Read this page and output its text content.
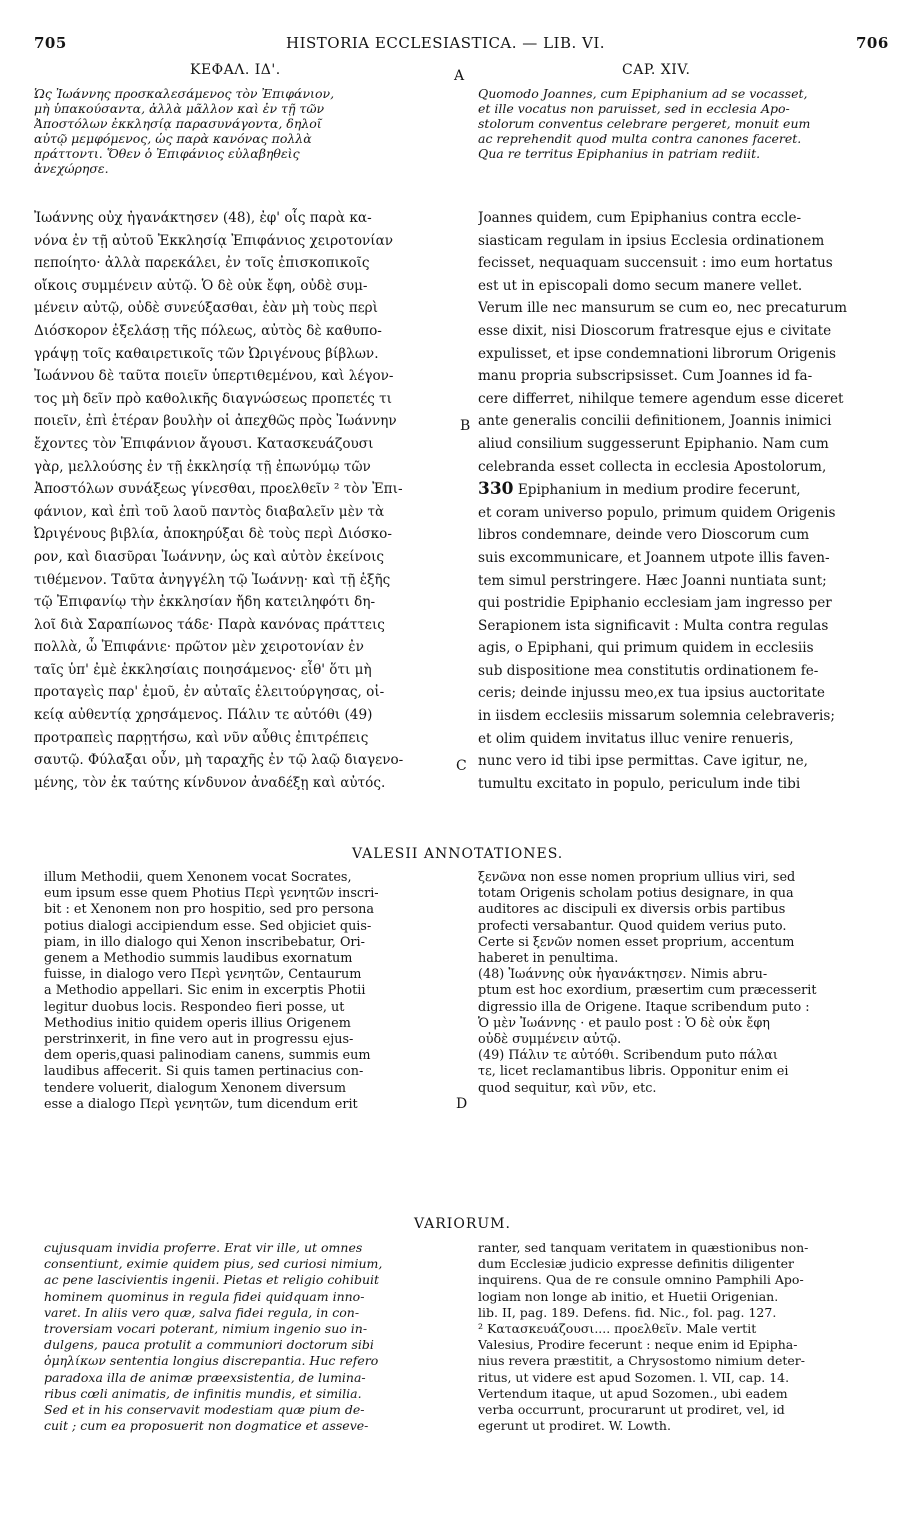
705	HISTORIA ECCLESIASTICA. — LIB. VI.	706
ΚΕΦΑΛ. ΙΔ'.	A	CAP. XIV.
Ὡς Ἰωάννης προσκαλεσάμενος τὸν Ἐπιφάνιον,
μὴ ὑπακούσαντα, ἀλλὰ μᾶλλον καὶ ἐν τῇ τῶν
Ἀποστόλων ἐκκλησίᾳ παρασυνάγοντα, δηλοῖ
αὐτῷ μεμφόμενος, ὡς παρὰ κανόνας πολλὰ
πράττοντι. Ὅθεν ὁ Ἐπιφάνιος εὐλαβηθεὶς
ἀνεχώρησε.
Quomodo Joannes, cum Epiphanium ad se vocasset,
et ille vocatus non paruisset, sed in ecclesia Apo-
stolorum conventus celebrare pergeret, monuit eum
ac reprehendit quod multa contra canones faceret.
Qua re territus Epiphanius in patriam rediit.
Ἰωάννης οὐχ ἠγανάκτησεν (48), ἐφ' οἷς παρὰ κα-
νόνα ἐν τῇ αὐτοῦ Ἐκκλησίᾳ Ἐπιφάνιος χειροτονίαν
πεποίητο· ἀλλὰ παρεκάλει, ἐν τοῖς ἐπισκοπικοῖς
οἴκοις συμμένειν αὐτῷ. Ὁ δὲ οὐκ ἔφη, οὐδὲ συμ-
μένειν αὐτῷ, οὐδὲ συνεύξασθαι, ἐὰν μὴ τοὺς περὶ
Διόσκορον ἐξελάσῃ τῆς πόλεως, αὐτὸς δὲ καθυπο-
γράψῃ τοῖς καθαιρετικοῖς τῶν Ὠριγένους βίβλων.
Ἰωάννου δὲ ταῦτα ποιεῖν ὑπερτιθεμένου, καὶ λέγον-
τος μὴ δεῖν πρὸ καθολικῆς διαγνώσεως προπετές τι
ποιεῖν, ἐπὶ ἑτέραν βουλὴν οἱ ἀπεχθῶς πρὸς Ἰωάννην
ἔχοντες τὸν Ἐπιφάνιον ἄγουσι. Κατασκευάζουσι
γὰρ, μελλούσης ἐν τῇ ἐκκλησίᾳ τῇ ἐπωνύμῳ τῶν
Ἀποστόλων συνάξεως γίνεσθαι, προελθεῖν ² τὸν Ἐπι-
φάνιον, καὶ ἐπὶ τοῦ λαοῦ παντὸς διαβαλεῖν μὲν τὰ
Ὠριγένους βιβλία, ἀποκηρύξαι δὲ τοὺς περὶ Διόσκο-
ρον, καὶ διασῦραι Ἰωάννην, ὡς καὶ αὐτὸν ἐκείνοις
τιθέμενον. Ταῦτα ἀνηγγέλη τῷ Ἰωάννῃ· καὶ τῇ ἑξῆς
τῷ Ἐπιφανίῳ τὴν ἐκκλησίαν ἤδη κατειληφότι δη-
λοῖ διὰ Σαραπίωνος τάδε· Παρὰ κανόνας πράττεις
πολλὰ, ὦ Ἐπιφάνιε· πρῶτον μὲν χειροτονίαν ἐν
ταῖς ὑπ' ἐμὲ ἐκκλησίαις ποιησάμενος· εἶθ' ὅτι μὴ
προταγεὶς παρ' ἐμοῦ, ἐν αὐταῖς ἐλειτούργησας, οἰ-
κείᾳ αὐθεντίᾳ χρησάμενος. Πάλιν τε αὐτόθι (49)
προτραπεὶς παρῃτήσω, καὶ νῦν αὖθις ἐπιτρέπεις
σαυτῷ. Φύλαξαι οὖν, μὴ ταραχῆς ἐν τῷ λαῷ διαγενο-
μένης, τὸν ἐκ ταύτης κίνδυνον ἀναδέξῃ καὶ αὐτός.
Joannes quidem, cum Epiphanius contra eccle-
siasticam regulam in ipsius Ecclesia ordinationem
fecisset, nequaquam succensuit : imo eum hortatus
est ut in episcopali domo secum manere vellet.
Verum ille nec mansurum se cum eo, nec precaturum
esse dixit, nisi Dioscorum fratresque ejus e civitate
expulisset, et ipse condemnationi librorum Origenis
manu propria subscripsisset. Cum Joannes id fa-
cere differret, nihilque temere agendum esse diceret
ante generalis concilii definitionem, Joannis inimici
aliud consilium suggesserunt Epiphanio. Nam cum
celebranda esset collecta in ecclesia Apostolorum,
330 Epiphanium in medium prodire fecerunt,
et coram universo populo, primum quidem Origenis
libros condemnare, deinde vero Dioscorum cum
suis excommunicare, et Joannem utpote illis faven-
tem simul perstringere. Hæc Joanni nuntiata sunt;
qui postridie Epiphanio ecclesiam jam ingresso per
Serapionem ista significavit : Multa contra regulas
agis, o Epiphani, qui primum quidem in ecclesiis
sub dispositione mea constitutis ordinationem fe-
ceris; deinde injussu meo,ex tua ipsius auctoritate
in iisdem ecclesiis missarum solemnia celebraveris;
et olim quidem invitatus illuc venire renueris,
nunc vero id tibi ipse permittas. Cave igitur, ne,
tumultu excitato in populo, periculum inde tibi
B
C
VALESII ANNOTATIONES.
illum Methodii, quem Xenonem vocat Socrates,
eum ipsum esse quem Photius Περὶ γενητῶν inscri-
bit : et Xenonem non pro hospitio, sed pro persona
potius dialogi accipiendum esse. Sed objiciet quis-
piam, in illo dialogo qui Xenon inscribebatur, Ori-
genem a Methodio summis laudibus exornatum
fuisse, in dialogo vero Περὶ γενητῶν, Centaurum
a Methodio appellari. Sic enim in excerptis Photii
legitur duobus locis. Respondeo fieri posse, ut
Methodius initio quidem operis illius Origenem
perstrinxerit, in fine vero aut in progressu ejus-
dem operis,quasi palinodiam canens, summis eum
laudibus affecerit. Si quis tamen pertinacius con-
tendere voluerit, dialogum Xenonem diversum
esse a dialogo Περὶ γενητῶν, tum dicendum erit
ξενῶνα non esse nomen proprium ullius viri, sed
totam Origenis scholam potius designare, in qua
auditores ac discipuli ex diversis orbis partibus
profecti versabantur. Quod quidem verius puto.
Certe si ξενῶν nomen esset proprium, accentum
haberet in penultima.
(48) Ἰωάννης οὐκ ἠγανάκτησεν. Nimis abru-
ptum est hoc exordium, præsertim cum præcesserit
digressio illa de Origene. Itaque scribendum puto :
Ὁ μὲν Ἰωάννης · et paulo post : Ὁ δὲ οὐκ ἔφη
οὐδὲ συμμένειν αὐτῷ.
(49) Πάλιν τε αὐτόθι. Scribendum puto πάλαι
τε, licet reclamantibus libris. Opponitur enim ei
quod sequitur, καὶ νῦν, etc.
D
VARIORUM.
cujusquam invidia proferre. Erat vir ille, ut omnes
consentiunt, eximie quidem pius, sed curiosi nimium,
ac pene lascivientis ingenii. Pietas et religio cohibuit
hominem quominus in regula fidei quidquam inno-
varet. In aliis vero quæ, salva fidei regula, in con-
troversiam vocari poterant, nimium ingenio suo in-
dulgens, pauca protulit a communiori doctorum sibi
ὁμηλίκων sententia longius discrepantia. Huc refero
paradoxa illa de animæ præexsistentia, de lumina-
ribus cœli animatis, de infinitis mundis, et similia.
Sed et in his conservavit modestiam quæ pium de-
cuit ; cum ea proposuerit non dogmatice et asseve-
ranter, sed tanquam veritatem in quæstionibus non-
dum Ecclesiæ judicio expresse definitis diligenter
inquirens. Qua de re consule omnino Pamphili Apo-
logiam non longe ab initio, et Huetii Origenian.
lib. II, pag. 189. Defens. fid. Nic., fol. pag. 127.
² Κατασκευάζουσι.... προελθεῖν. Male vertit
Valesius, Prodire fecerunt : neque enim id Epipha-
nius revera præstitit, a Chrysostomo nimium deter-
ritus, ut videre est apud Sozomen. l. VII, cap. 14.
Vertendum itaque, ut apud Sozomen., ubi eadem
verba occurrunt, procurarunt ut prodiret, vel, id
egerunt ut prodiret. W. Lowth.
